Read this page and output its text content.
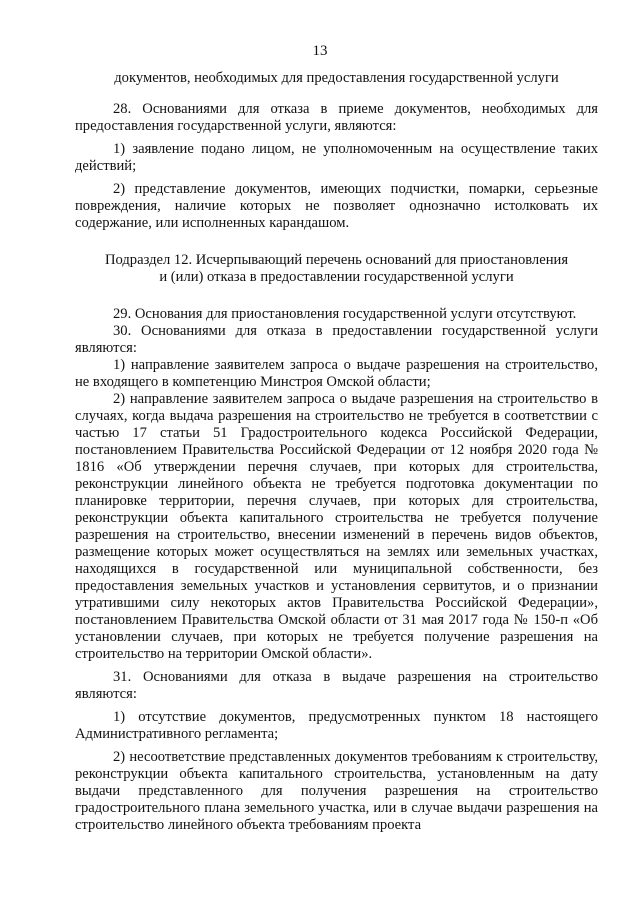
13

документов, необходимых для предоставления государственной услуги

28. Основаниями для отказа в приеме документов, необходимых для предоставления государственной услуги, являются:

1) заявление подано лицом, не уполномоченным на осуществление таких действий;

2) представление документов, имеющих подчистки, помарки, серьезные повреждения, наличие которых не позволяет однозначно истолковать их содержание, или исполненных карандашом.

Подраздел 12. Исчерпывающий перечень оснований для приостановления
и (или) отказа в предоставлении государственной услуги

29. Основания для приостановления государственной услуги отсутствуют.

30. Основаниями для отказа в предоставлении государственной услуги являются:

1) направление заявителем запроса о выдаче разрешения на строительство, не входящего в компетенцию Минстроя Омской области;

2) направление заявителем запроса о выдаче разрешения на строительство в случаях, когда выдача разрешения на строительство не требуется в соответствии с частью 17 статьи 51 Градостроительного кодекса Российской Федерации, постановлением Правительства Российской Федерации от 12 ноября 2020 года № 1816 «Об утверждении перечня случаев, при которых для строительства, реконструкции линейного объекта не требуется подготовка документации по планировке территории, перечня случаев, при которых для строительства, реконструкции объекта капитального строительства не требуется получение разрешения на строительство, внесении изменений в перечень видов объектов, размещение которых может осуществляться на землях или земельных участках, находящихся в государственной или муниципальной собственности, без предоставления земельных участков и установления сервитутов, и о признании утратившими силу некоторых актов Правительства Российской Федерации», постановлением Правительства Омской области от 31 мая 2017 года № 150-п «Об установлении случаев, при которых не требуется получение разрешения на строительство на территории Омской области».

31. Основаниями для отказа в выдаче разрешения на строительство являются:

1) отсутствие документов, предусмотренных пунктом 18 настоящего Административного регламента;

2) несоответствие представленных документов требованиям к строительству, реконструкции объекта капитального строительства, установленным на дату выдачи представленного для получения разрешения на строительство градостроительного плана земельного участка, или в случае выдачи разрешения на строительство линейного объекта требованиям проекта
